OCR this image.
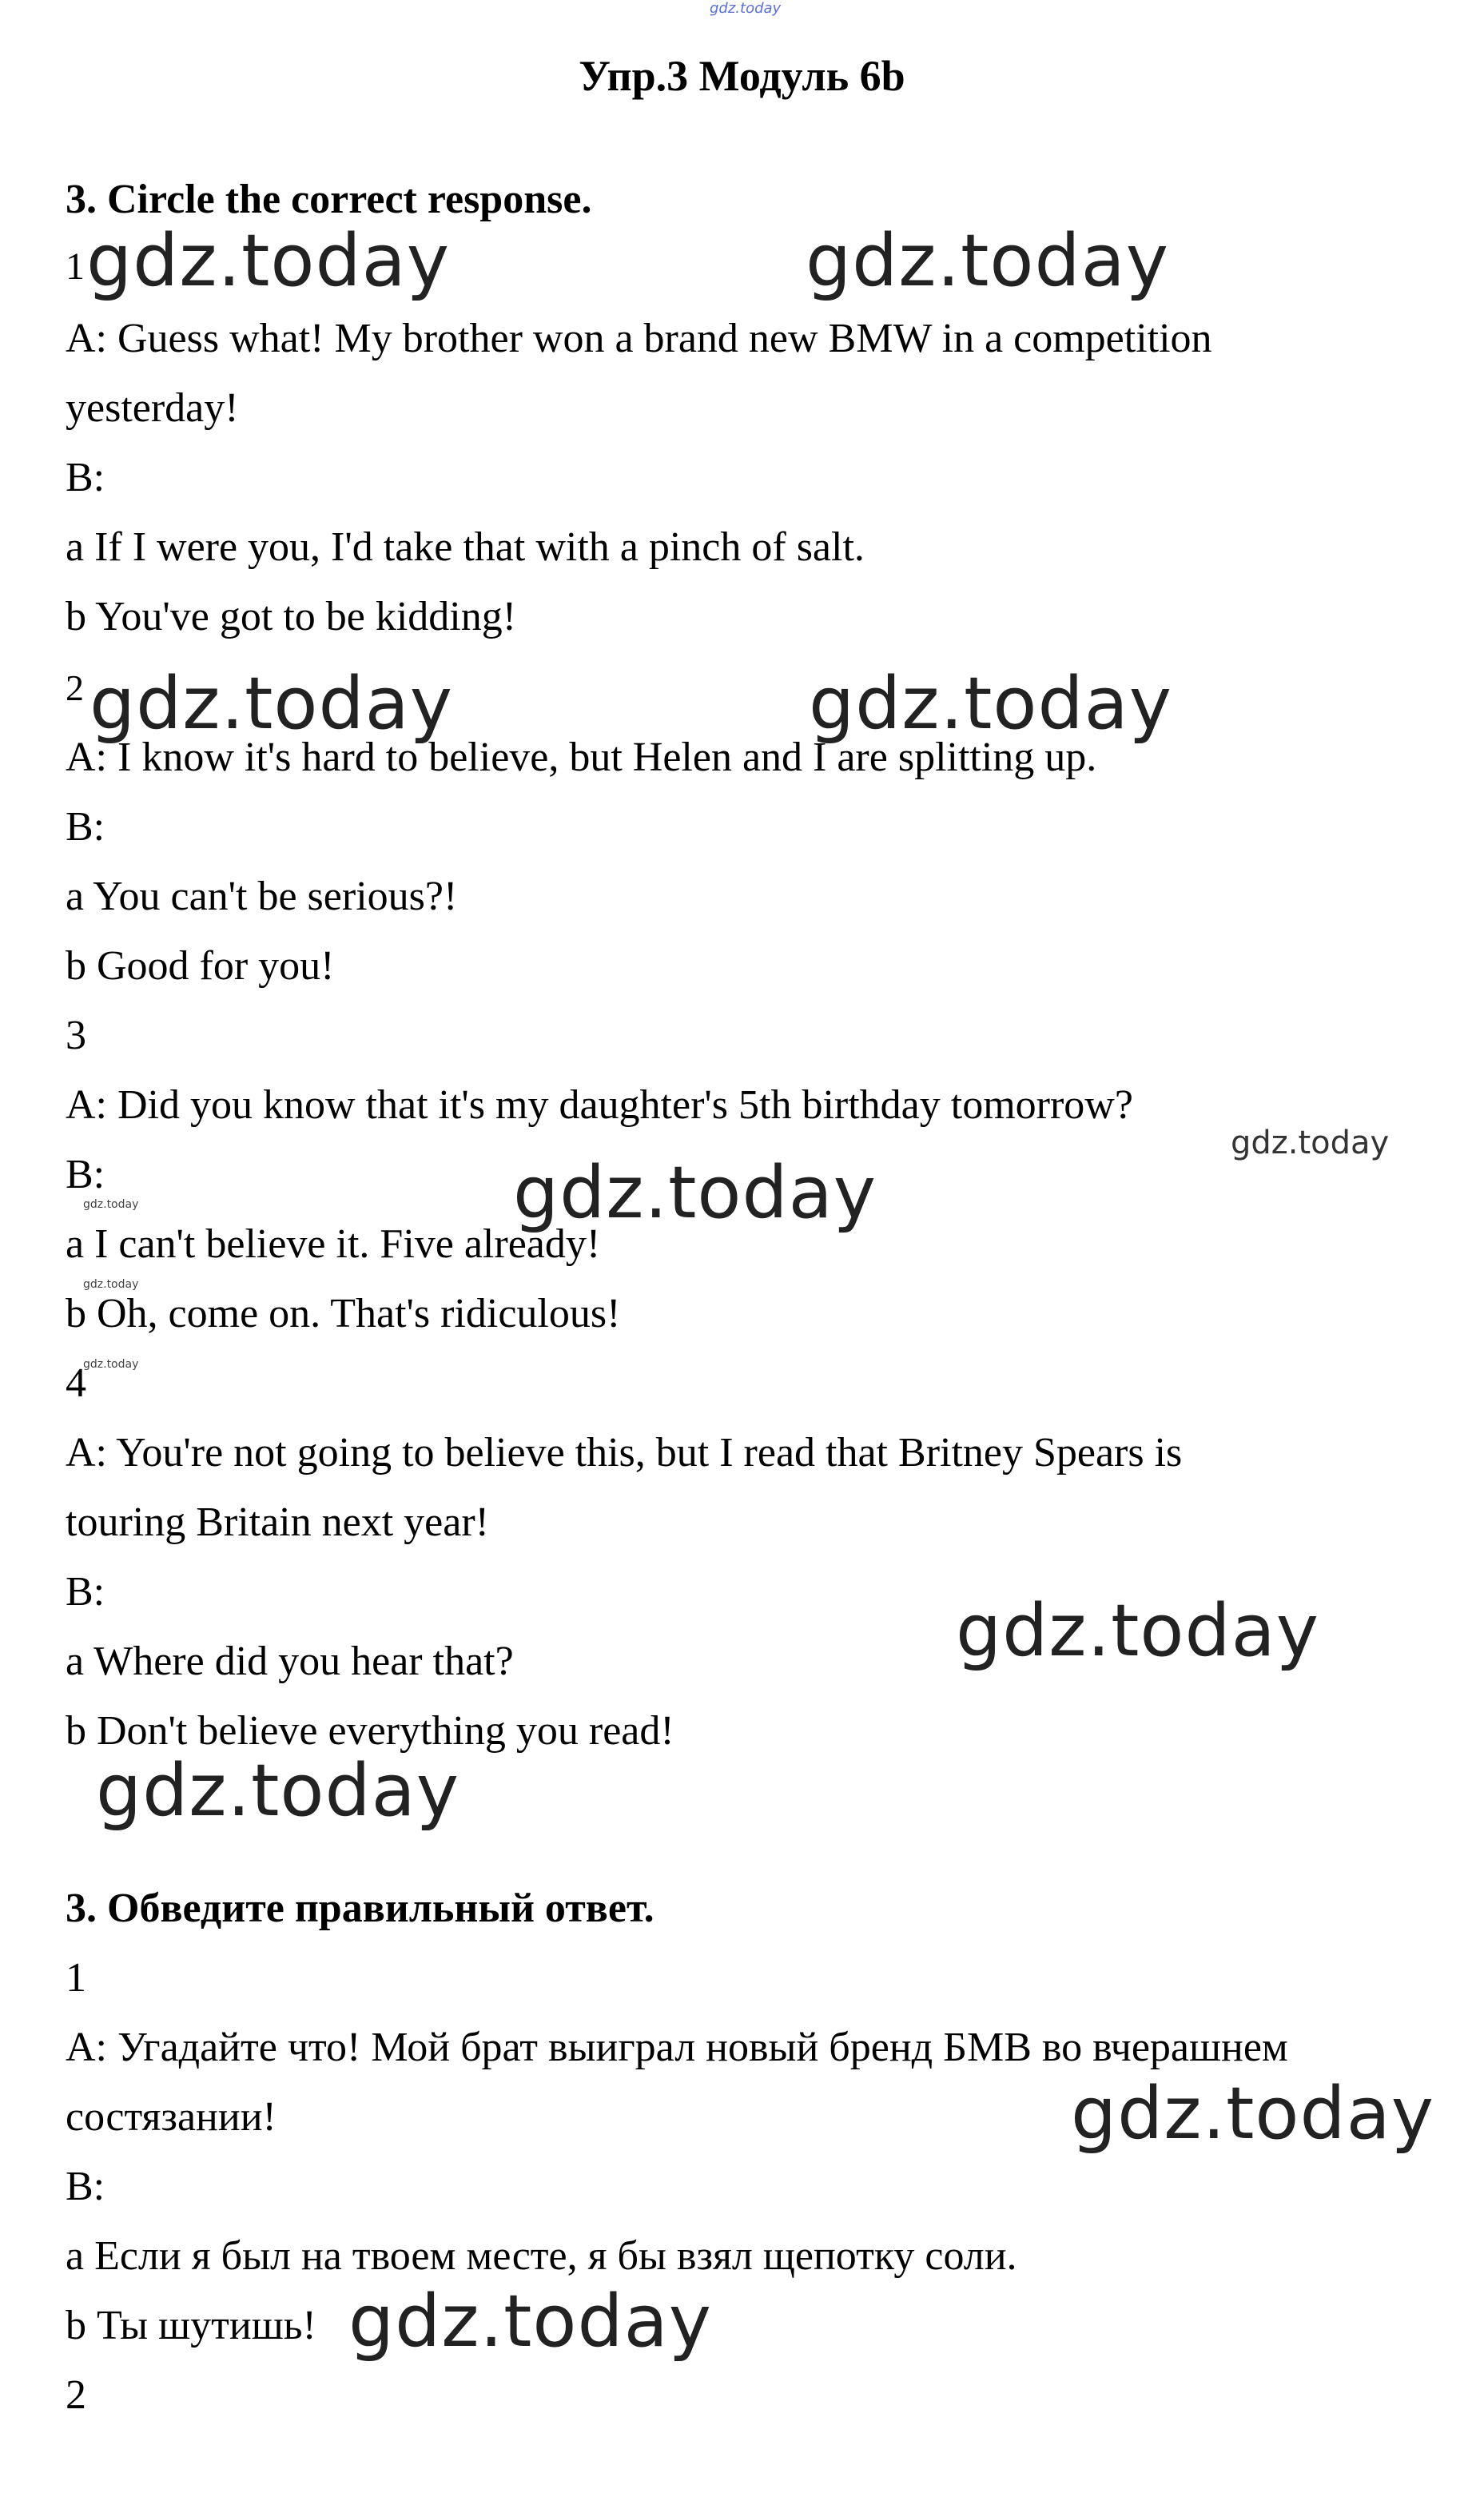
gdz.today
Упр.3 Модуль 6b
3. Circle the correct response.
1
A: Guess what! My brother won a brand new BMW in a competition
yesterday!
B:
a If I were you, I'd take that with a pinch of salt.
b You've got to be kidding!
2
A: I know it's hard to believe, but Helen and I are splitting up.
B:
a You can't be serious?!
b Good for you!
3
A: Did you know that it's my daughter's 5th birthday tomorrow?
B:
a I can't believe it. Five already!
b Oh, come on. That's ridiculous!
4
A: You're not going to believe this, but I read that Britney Spears is
touring Britain next year!
B:
a Where did you hear that?
b Don't believe everything you read!
3. Обведите правильный ответ.
1
A: Угадайте что! Мой брат выиграл новый бренд БМВ во вчерашнем
состязании!
B:
a Если я был на твоем месте, я бы взял щепотку соли.
b Ты шутишь!
2
gdz.today	gdz.today
gdz.today	gdz.today
gdz.today
gdz.today
gdz.today
gdz.today
gdz.today
gdz.today
gdz.today
gdz.today
gdz.today
